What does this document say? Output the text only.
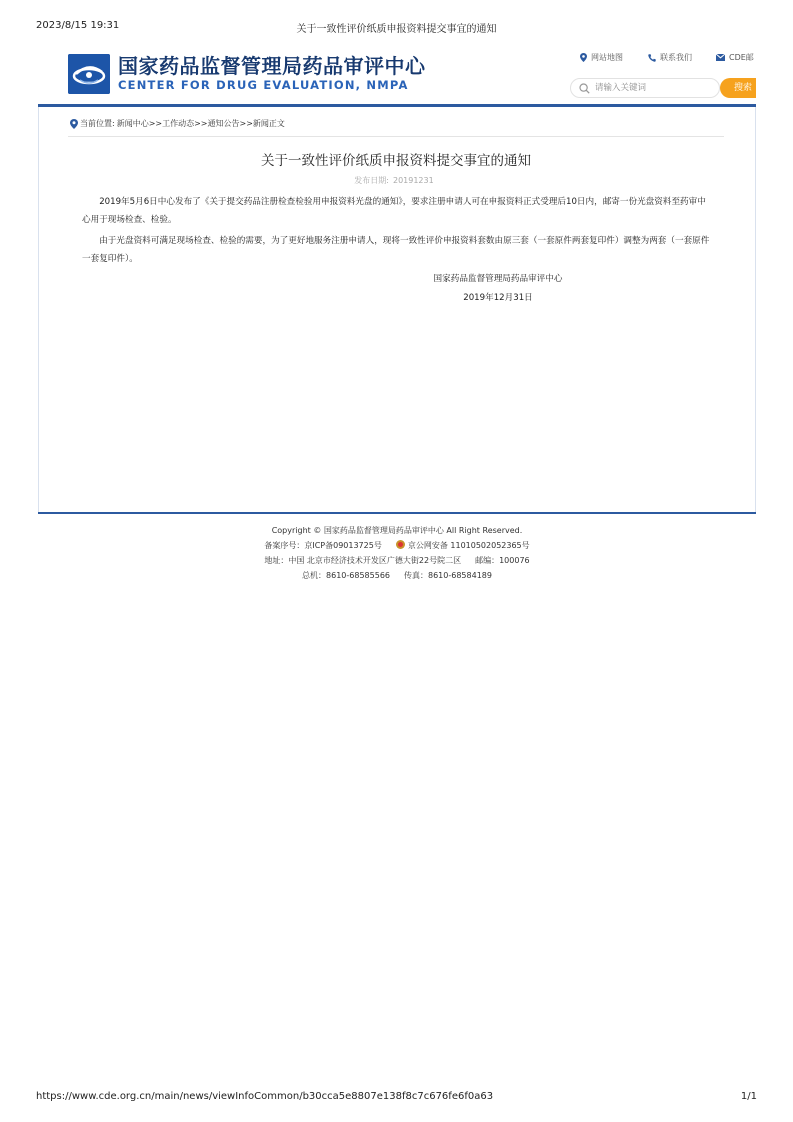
2023/8/15 19:31	关于一致性评价纸质申报资料提交事宜的通知
国家药品监督管理局药品审评中心
CENTER FOR DRUG EVALUATION, NMPA
网站地图	联系我们	CDE邮
请输入关键词
搜索
当前位置: 新闻中心>>工作动态>>通知公告>>新闻正文
关于一致性评价纸质申报资料提交事宜的通知
发布日期: 20191231

2019年5月6日中心发布了《关于提交药品注册检查检验用申报资料光盘的通知》，要求注册申请人可在申报资料正式受理后10日内，邮寄一份光盘资料至药审中心用于现场检查、检验。

由于光盘资料可满足现场检查、检验的需要，为了更好地服务注册申请人，现将一致性评价申报资料套数由原三套（一套原件两套复印件）调整为两套（一套原件一套复印件）。

国家药品监督管理局药品审评中心
2019年12月31日
Copyright © 国家药品监督管理局药品审评中心 All Right Reserved.
备案序号：京ICP备09013725号	京公网安备 11010502052365号
地址：中国 北京市经济技术开发区广德大街22号院二区 邮编：100076
总机：8610-68585566 传真：8610-68584189
https://www.cde.org.cn/main/news/viewInfoCommon/b30cca5e8807e138f8c7c676fe6f0a63	1/1
